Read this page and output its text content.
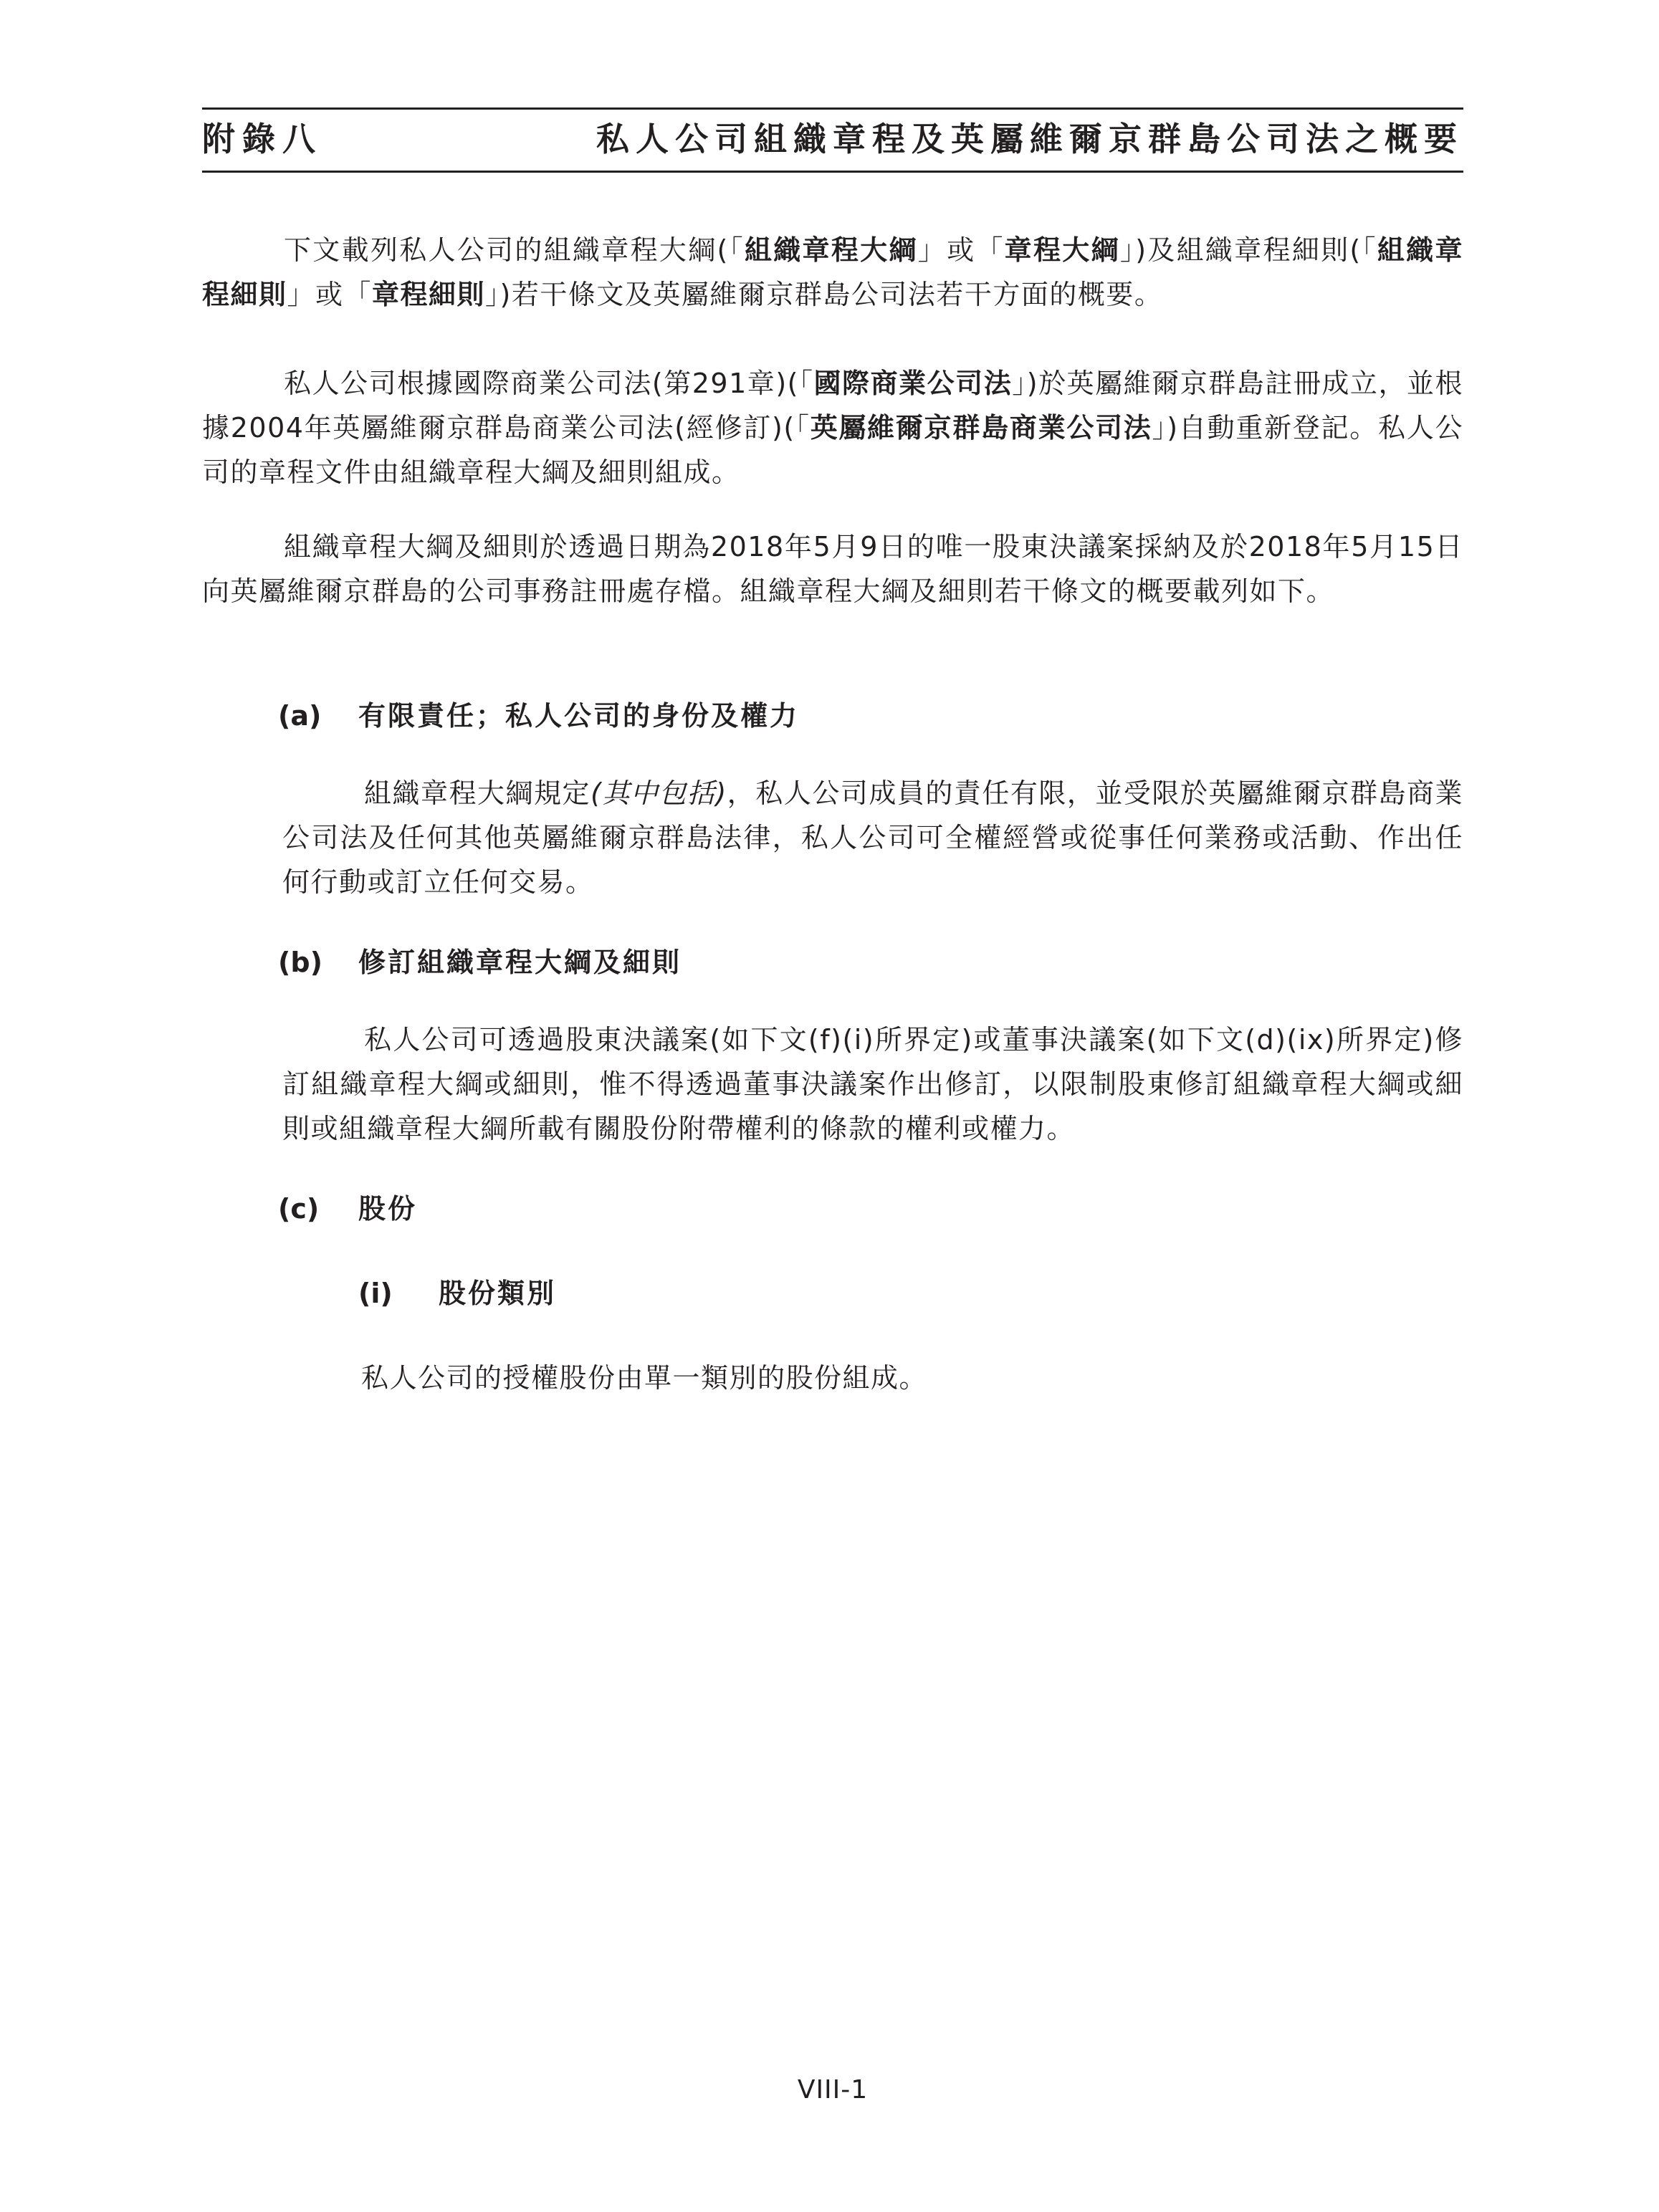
附錄八	私人公司組織章程及英屬維爾京群島公司法之概要

下文載列私人公司的組織章程大綱(「組織章程大綱」或「章程大綱」)及組織章程細則(「組織章程細則」或「章程細則」)若干條文及英屬維爾京群島公司法若干方面的概要。

私人公司根據國際商業公司法(第291章)(「國際商業公司法」)於英屬維爾京群島註冊成立，並根據2004年英屬維爾京群島商業公司法(經修訂)(「英屬維爾京群島商業公司法」)自動重新登記。私人公司的章程文件由組織章程大綱及細則組成。

組織章程大綱及細則於透過日期為2018年5月9日的唯一股東決議案採納及於2018年5月15日向英屬維爾京群島的公司事務註冊處存檔。組織章程大綱及細則若干條文的概要載列如下。

(a) 有限責任；私人公司的身份及權力

組織章程大綱規定(其中包括)，私人公司成員的責任有限，並受限於英屬維爾京群島商業公司法及任何其他英屬維爾京群島法律，私人公司可全權經營或從事任何業務或活動、作出任何行動或訂立任何交易。

(b) 修訂組織章程大綱及細則

私人公司可透過股東決議案(如下文(f)(i)所界定)或董事決議案(如下文(d)(ix)所界定)修訂組織章程大綱或細則，惟不得透過董事決議案作出修訂，以限制股東修訂組織章程大綱或細則或組織章程大綱所載有關股份附帶權利的條款的權利或權力。

(c) 股份
(i) 股份類別

私人公司的授權股份由單一類別的股份組成。

VIII-1
